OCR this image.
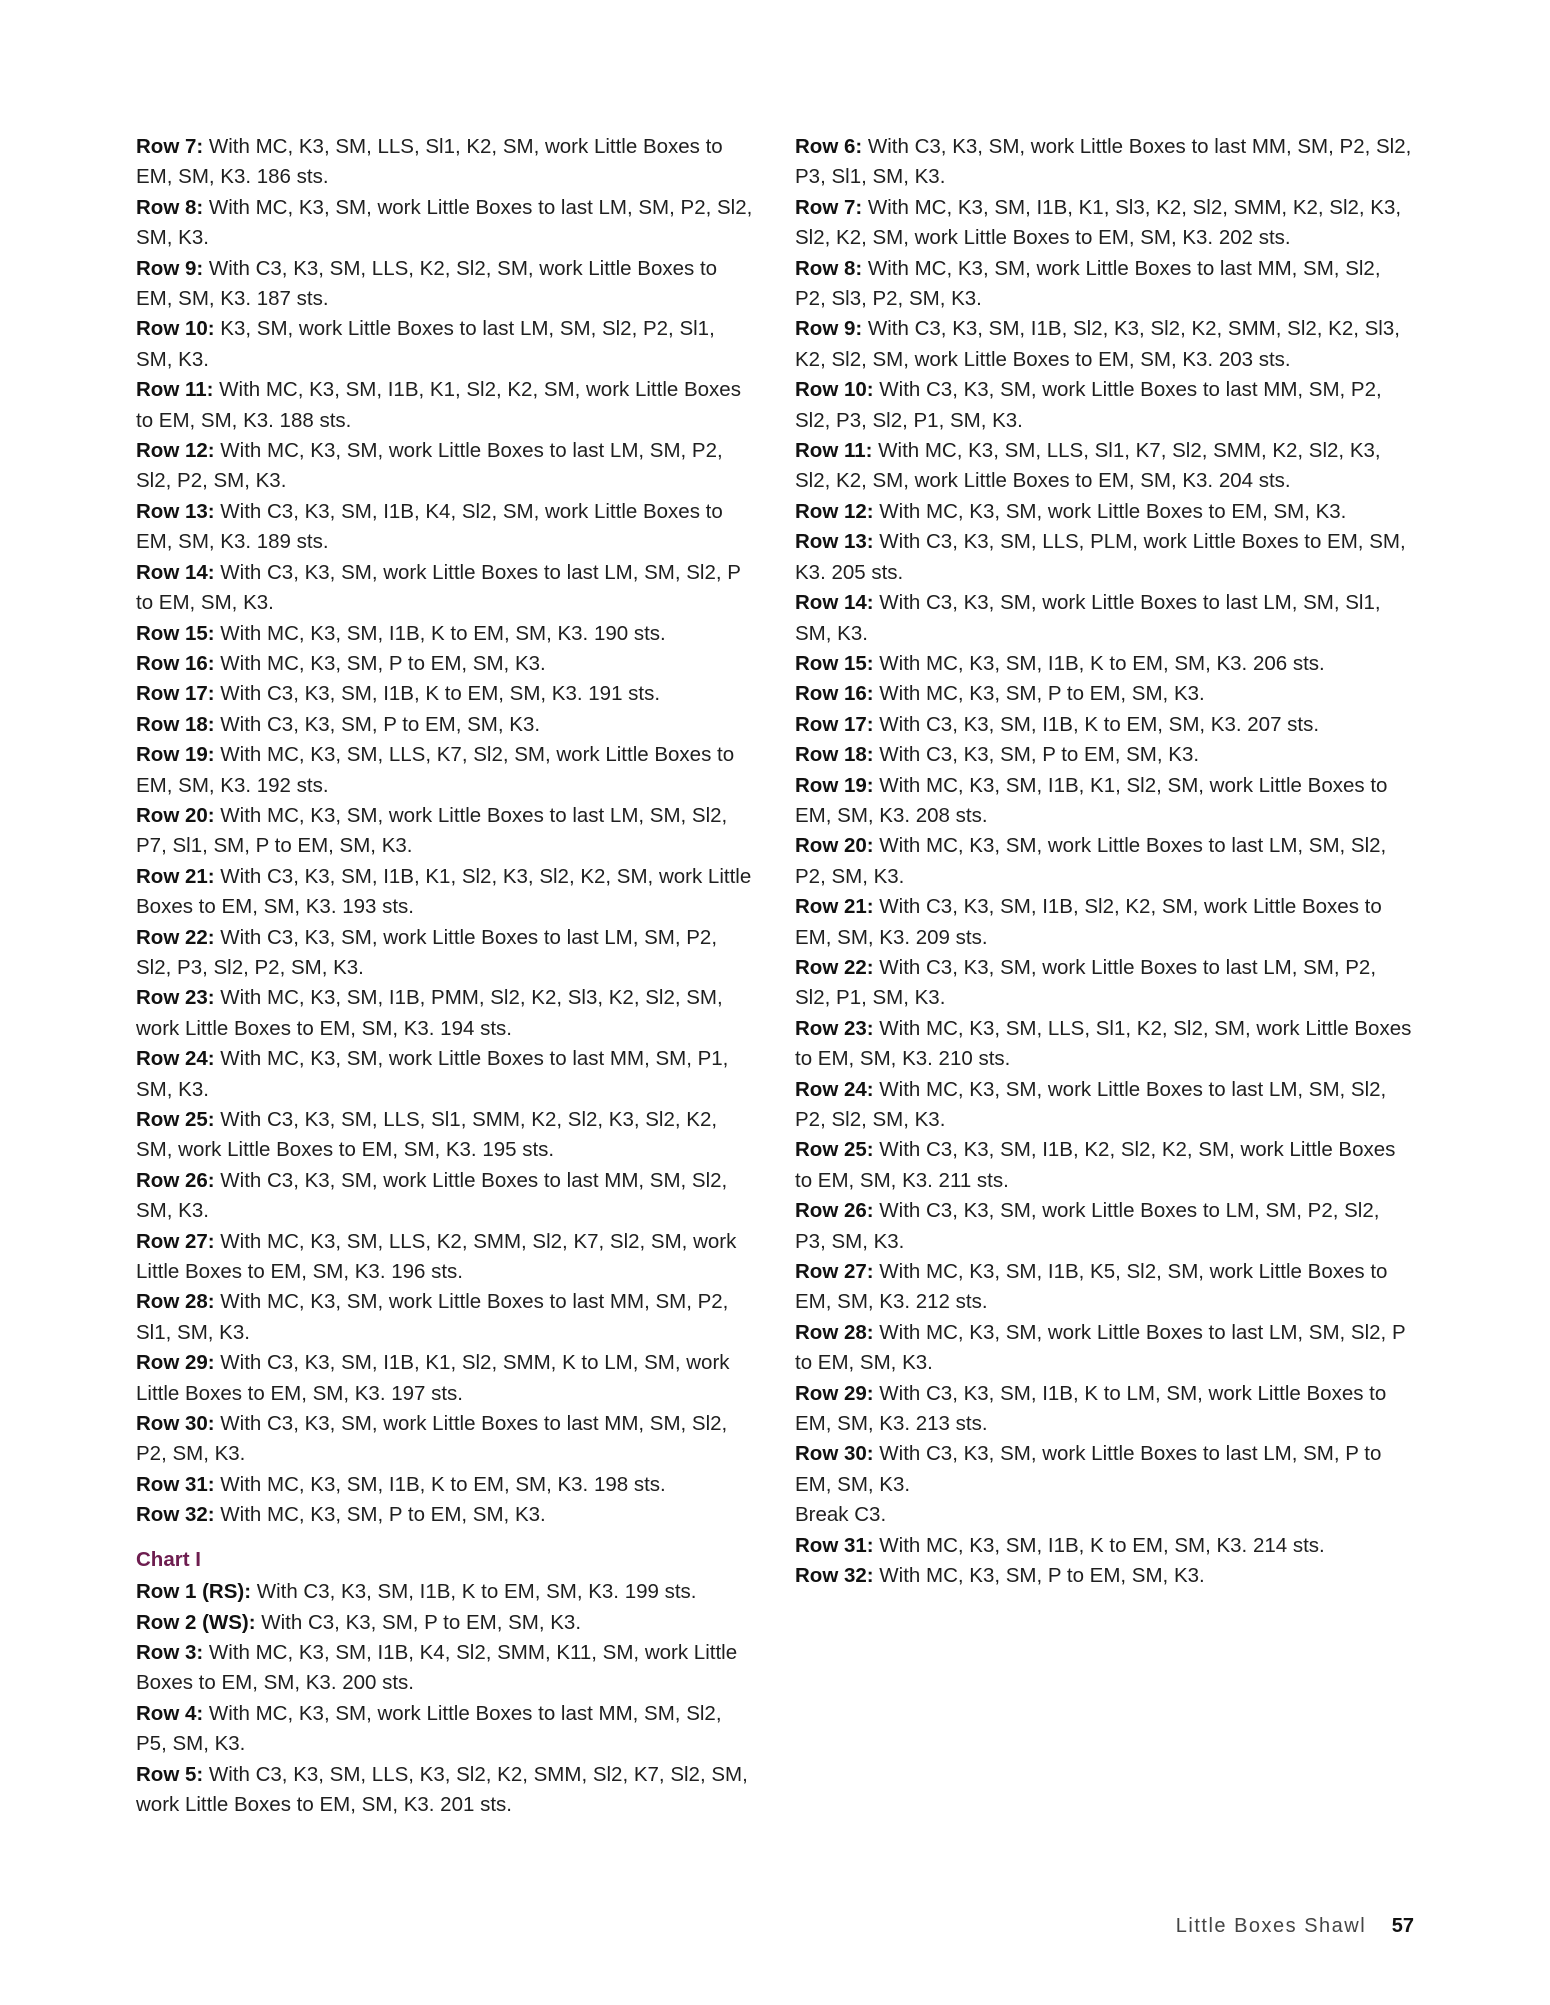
Row 7: With MC, K3, SM, LLS, Sl1, K2, SM, work Little Boxes to EM, SM, K3. 186 sts.

Row 8: With MC, K3, SM, work Little Boxes to last LM, SM, P2, Sl2, SM, K3.

Row 9: With C3, K3, SM, LLS, K2, Sl2, SM, work Little Boxes to EM, SM, K3. 187 sts.

Row 10: K3, SM, work Little Boxes to last LM, SM, Sl2, P2, Sl1, SM, K3.

Row 11: With MC, K3, SM, I1B, K1, Sl2, K2, SM, work Little Boxes to EM, SM, K3. 188 sts.

Row 12: With MC, K3, SM, work Little Boxes to last LM, SM, P2, Sl2, P2, SM, K3.

Row 13: With C3, K3, SM, I1B, K4, Sl2, SM, work Little Boxes to EM, SM, K3. 189 sts.

Row 14: With C3, K3, SM, work Little Boxes to last LM, SM, Sl2, P to EM, SM, K3.

Row 15: With MC, K3, SM, I1B, K to EM, SM, K3. 190 sts.

Row 16: With MC, K3, SM, P to EM, SM, K3.

Row 17: With C3, K3, SM, I1B, K to EM, SM, K3. 191 sts.

Row 18: With C3, K3, SM, P to EM, SM, K3.

Row 19: With MC, K3, SM, LLS, K7, Sl2, SM, work Little Boxes to EM, SM, K3. 192 sts.

Row 20: With MC, K3, SM, work Little Boxes to last LM, SM, Sl2, P7, Sl1, SM, P to EM, SM, K3.

Row 21: With C3, K3, SM, I1B, K1, Sl2, K3, Sl2, K2, SM, work Little Boxes to EM, SM, K3. 193 sts.

Row 22: With C3, K3, SM, work Little Boxes to last LM, SM, P2, Sl2, P3, Sl2, P2, SM, K3.

Row 23: With MC, K3, SM, I1B, PMM, Sl2, K2, Sl3, K2, Sl2, SM, work Little Boxes to EM, SM, K3. 194 sts.

Row 24: With MC, K3, SM, work Little Boxes to last MM, SM, P1, SM, K3.

Row 25: With C3, K3, SM, LLS, Sl1, SMM, K2, Sl2, K3, Sl2, K2, SM, work Little Boxes to EM, SM, K3. 195 sts.

Row 26: With C3, K3, SM, work Little Boxes to last MM, SM, Sl2, SM, K3.

Row 27: With MC, K3, SM, LLS, K2, SMM, Sl2, K7, Sl2, SM, work Little Boxes to EM, SM, K3. 196 sts.

Row 28: With MC, K3, SM, work Little Boxes to last MM, SM, P2, Sl1, SM, K3.

Row 29: With C3, K3, SM, I1B, K1, Sl2, SMM, K to LM, SM, work Little Boxes to EM, SM, K3. 197 sts.

Row 30: With C3, K3, SM, work Little Boxes to last MM, SM, Sl2, P2, SM, K3.

Row 31: With MC, K3, SM, I1B, K to EM, SM, K3. 198 sts.

Row 32: With MC, K3, SM, P to EM, SM, K3.

Chart I

Row 1 (RS): With C3, K3, SM, I1B, K to EM, SM, K3. 199 sts.

Row 2 (WS): With C3, K3, SM, P to EM, SM, K3.

Row 3: With MC, K3, SM, I1B, K4, Sl2, SMM, K11, SM, work Little Boxes to EM, SM, K3. 200 sts.

Row 4: With MC, K3, SM, work Little Boxes to last MM, SM, Sl2, P5, SM, K3.

Row 5: With C3, K3, SM, LLS, K3, Sl2, K2, SMM, Sl2, K7, Sl2, SM, work Little Boxes to EM, SM, K3. 201 sts.

Row 6: With C3, K3, SM, work Little Boxes to last MM, SM, P2, Sl2, P3, Sl1, SM, K3.

Row 7: With MC, K3, SM, I1B, K1, Sl3, K2, Sl2, SMM, K2, Sl2, K3, Sl2, K2, SM, work Little Boxes to EM, SM, K3. 202 sts.

Row 8: With MC, K3, SM, work Little Boxes to last MM, SM, Sl2, P2, Sl3, P2, SM, K3.

Row 9: With C3, K3, SM, I1B, Sl2, K3, Sl2, K2, SMM, Sl2, K2, Sl3, K2, Sl2, SM, work Little Boxes to EM, SM, K3. 203 sts.

Row 10: With C3, K3, SM, work Little Boxes to last MM, SM, P2, Sl2, P3, Sl2, P1, SM, K3.

Row 11: With MC, K3, SM, LLS, Sl1, K7, Sl2, SMM, K2, Sl2, K3, Sl2, K2, SM, work Little Boxes to EM, SM, K3. 204 sts.

Row 12: With MC, K3, SM, work Little Boxes to EM, SM, K3.

Row 13: With C3, K3, SM, LLS, PLM, work Little Boxes to EM, SM, K3. 205 sts.

Row 14: With C3, K3, SM, work Little Boxes to last LM, SM, Sl1, SM, K3.

Row 15: With MC, K3, SM, I1B, K to EM, SM, K3. 206 sts.

Row 16: With MC, K3, SM, P to EM, SM, K3.

Row 17: With C3, K3, SM, I1B, K to EM, SM, K3. 207 sts.

Row 18: With C3, K3, SM, P to EM, SM, K3.

Row 19: With MC, K3, SM, I1B, K1, Sl2, SM, work Little Boxes to EM, SM, K3. 208 sts.

Row 20: With MC, K3, SM, work Little Boxes to last LM, SM, Sl2, P2, SM, K3.

Row 21: With C3, K3, SM, I1B, Sl2, K2, SM, work Little Boxes to EM, SM, K3. 209 sts.

Row 22: With C3, K3, SM, work Little Boxes to last LM, SM, P2, Sl2, P1, SM, K3.

Row 23: With MC, K3, SM, LLS, Sl1, K2, Sl2, SM, work Little Boxes to EM, SM, K3. 210 sts.

Row 24: With MC, K3, SM, work Little Boxes to last LM, SM, Sl2, P2, Sl2, SM, K3.

Row 25: With C3, K3, SM, I1B, K2, Sl2, K2, SM, work Little Boxes to EM, SM, K3. 211 sts.

Row 26: With C3, K3, SM, work Little Boxes to LM, SM, P2, Sl2, P3, SM, K3.

Row 27: With MC, K3, SM, I1B, K5, Sl2, SM, work Little Boxes to EM, SM, K3. 212 sts.

Row 28: With MC, K3, SM, work Little Boxes to last LM, SM, Sl2, P to EM, SM, K3.

Row 29: With C3, K3, SM, I1B, K to LM, SM, work Little Boxes to EM, SM, K3. 213 sts.

Row 30: With C3, K3, SM, work Little Boxes to last LM, SM, P to EM, SM, K3.

Break C3.

Row 31: With MC, K3, SM, I1B, K to EM, SM, K3. 214 sts.

Row 32: With MC, K3, SM, P to EM, SM, K3.

Little Boxes Shawl 57
